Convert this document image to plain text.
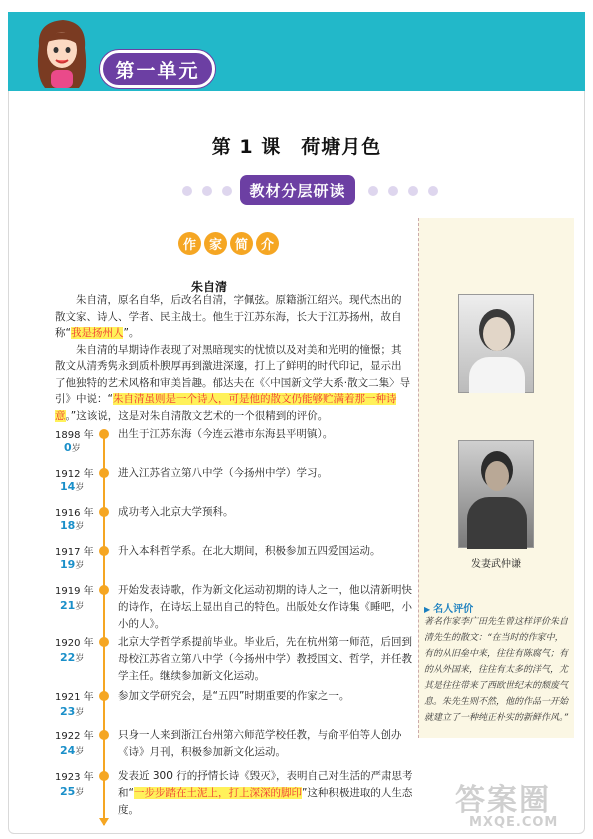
第一单元
第 1 课　荷塘月色
教材分层研读
作 家 简 介
发妻武仲谦
▶ 名人评价
著名作家李广田先生曾这样评价朱自清先生的散文：“在当时的作家中，有的从旧垒中来，往往有陈腐气；有的从外国来，往往有太多的洋气，尤其是往往带来了西欧世纪末的颓废气息。朱先生则不然，他的作品一开始就建立了一种纯正朴实的新鲜作风。”
朱自清

朱自清，原名自华，后改名自清，字佩弦。原籍浙江绍兴。现代杰出的散文家、诗人、学者、民主战士。他生于江苏东海，长大于江苏扬州，故自称“我是扬州人”。

朱自清的早期诗作表现了对黑暗现实的忧愤以及对美和光明的憧憬；其散文从清秀隽永到质朴腴厚再到激进深邃，打上了鲜明的时代印记，显示出了他独特的艺术风格和审美旨趣。郁达夫在《〈中国新文学大系·散文二集〉导引》中说：“朱自清虽则是一个诗人，可是他的散文仍能够贮满着那一种诗意。”这该说，这是对朱自清散文艺术的一个很精到的评价。

1898 年
0岁
出生于江苏东海（今连云港市东海县平明镇）。
1912 年
14岁
进入江苏省立第八中学（今扬州中学）学习。
1916 年
18岁
成功考入北京大学预科。
1917 年
19岁
升入本科哲学系。在北大期间，积极参加五四爱国运动。
1919 年
21岁
开始发表诗歌，作为新文化运动初期的诗人之一，他以清新明快的诗作，在诗坛上显出自己的特色。出版处女作诗集《睡吧，小小的人》。
1920 年
22岁
北京大学哲学系提前毕业。毕业后，先在杭州第一师范，后回到母校江苏省立第八中学（今扬州中学）教授国文、哲学，并任教学主任。继续参加新文化运动。
1921 年
23岁
参加文学研究会，是“五四”时期重要的作家之一。
1922 年
24岁
只身一人来到浙江台州第六师范学校任教，与俞平伯等人创办《诗》月刊，积极参加新文化运动。
1923 年
25岁
发表近 300 行的抒情长诗《毁灭》，表明自己对生活的严肃思考和“一步步踏在土泥上，打上深深的脚印”这种积极进取的人生态度。	答案圈
MXQE.COM
